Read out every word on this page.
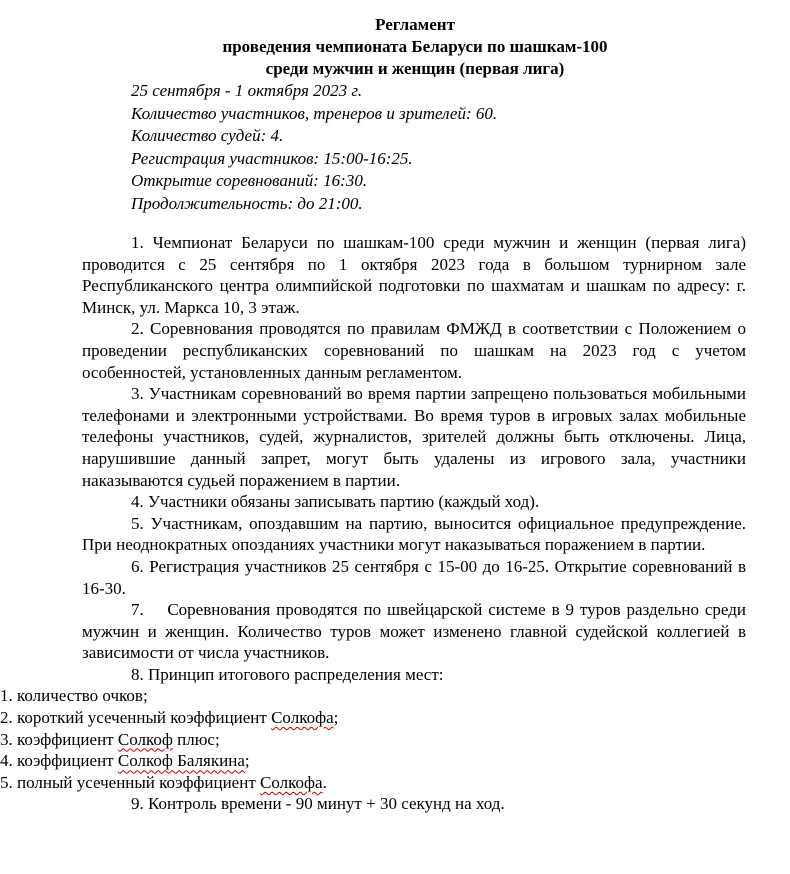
Регламент
проведения чемпионата Беларуси по шашкам-100
среди мужчин и женщин (первая лига)
25 сентября - 1 октября 2023 г.
Количество участников, тренеров и зрителей: 60.
Количество судей: 4.
Регистрация участников: 15:00-16:25.
Открытие соревнований: 16:30.
Продолжительность: до 21:00.

1. Чемпионат Беларуси по шашкам-100 среди мужчин и женщин (первая лига) проводится с 25 сентября по 1 октября 2023 года в большом турнирном зале Республиканского центра олимпийской подготовки по шахматам и шашкам по адресу: г. Минск, ул. Маркса 10, 3 этаж.

2. Соревнования проводятся по правилам ФМЖД в соответствии с Положением о проведении республиканских соревнований по шашкам на 2023 год с учетом особенностей, установленных данным регламентом.

3. Участникам соревнований во время партии запрещено пользоваться мобильными телефонами и электронными устройствами. Во время туров в игровых залах мобильные телефоны участников, судей, журналистов, зрителей должны быть отключены. Лица, нарушившие данный запрет, могут быть удалены из игрового зала, участники наказываются судьей поражением в партии.

4. Участники обязаны записывать партию (каждый ход).

5. Участникам, опоздавшим на партию, выносится официальное предупреждение. При неоднократных опозданиях участники могут наказываться поражением в партии.

6. Регистрация участников 25 сентября с 15-00 до 16-25. Открытие соревнований в 16-30.

7.    Соревнования проводятся по швейцарской системе в 9 туров раздельно среди мужчин и женщин. Количество туров может изменено главной судейской коллегией в зависимости от числа участников.

8. Принцип итогового распределения мест:

1. количество очков;
2. короткий усеченный коэффициент Солкофа;
3. коэффициент Солкоф плюс;
4. коэффициент Солкоф Балякина;
5. полный усеченный коэффициент Солкофа.

9. Контроль времени - 90 минут + 30 секунд на ход.
